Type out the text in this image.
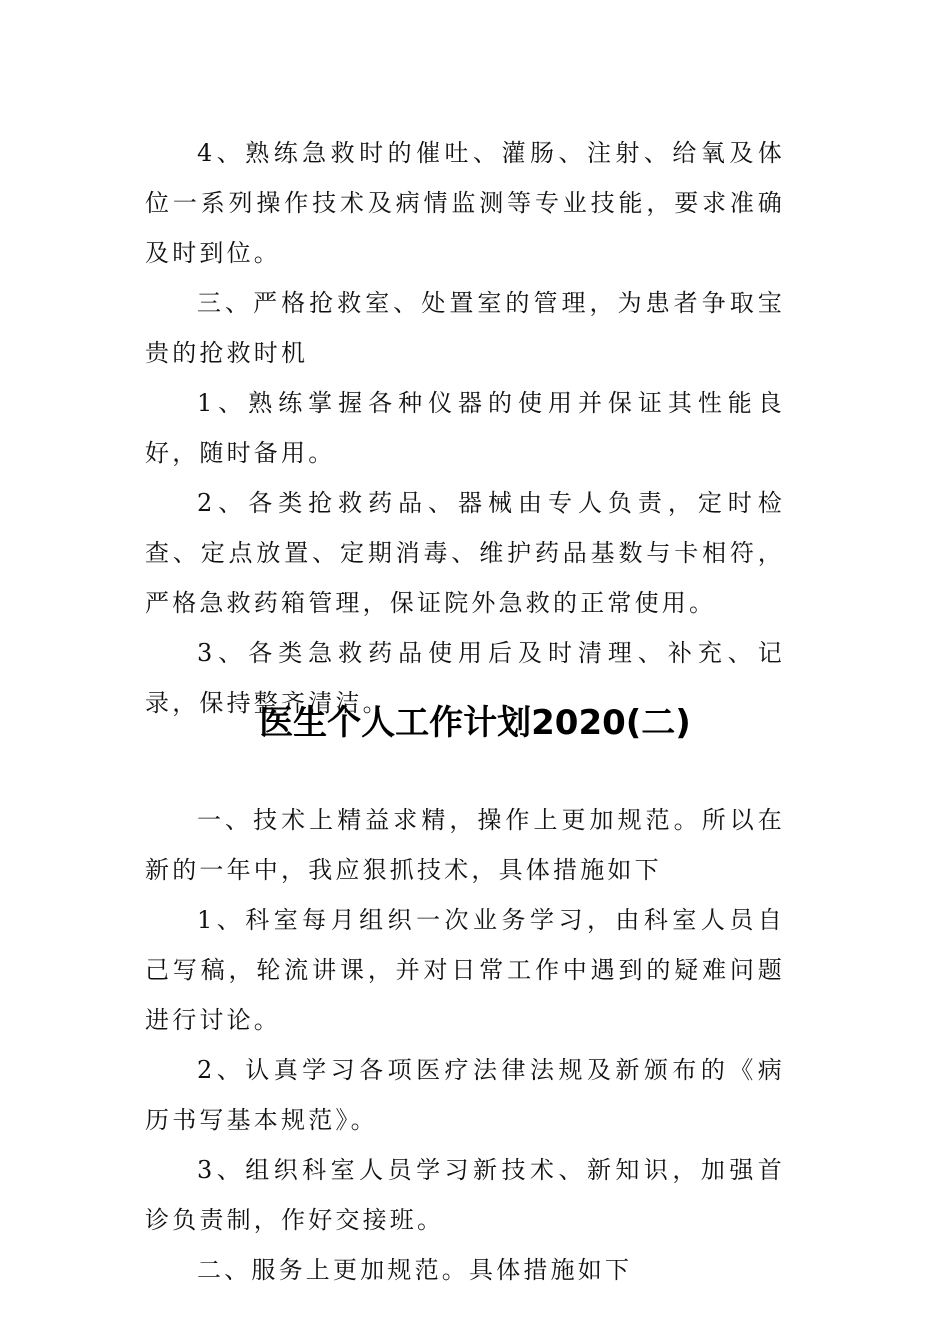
4、熟练急救时的催吐、灌肠、注射、给氧及体位一系列操作技术及病情监测等专业技能，要求准确及时到位。

三、严格抢救室、处置室的管理，为患者争取宝贵的抢救时机

1、熟练掌握各种仪器的使用并保证其性能良好，随时备用。

2、各类抢救药品、器械由专人负责，定时检查、定点放置、定期消毒、维护药品基数与卡相符，严格急救药箱管理，保证院外急救的正常使用。

3、各类急救药品使用后及时清理、补充、记录，保持整齐清洁。

医生个人工作计划2020(二)

一、技术上精益求精，操作上更加规范。所以在新的一年中，我应狠抓技术，具体措施如下

1、科室每月组织一次业务学习，由科室人员自己写稿，轮流讲课，并对日常工作中遇到的疑难问题进行讨论。

2、认真学习各项医疗法律法规及新颁布的《病历书写基本规范》。

3、组织科室人员学习新技术、新知识，加强首诊负责制，作好交接班。

二、服务上更加规范。具体措施如下
